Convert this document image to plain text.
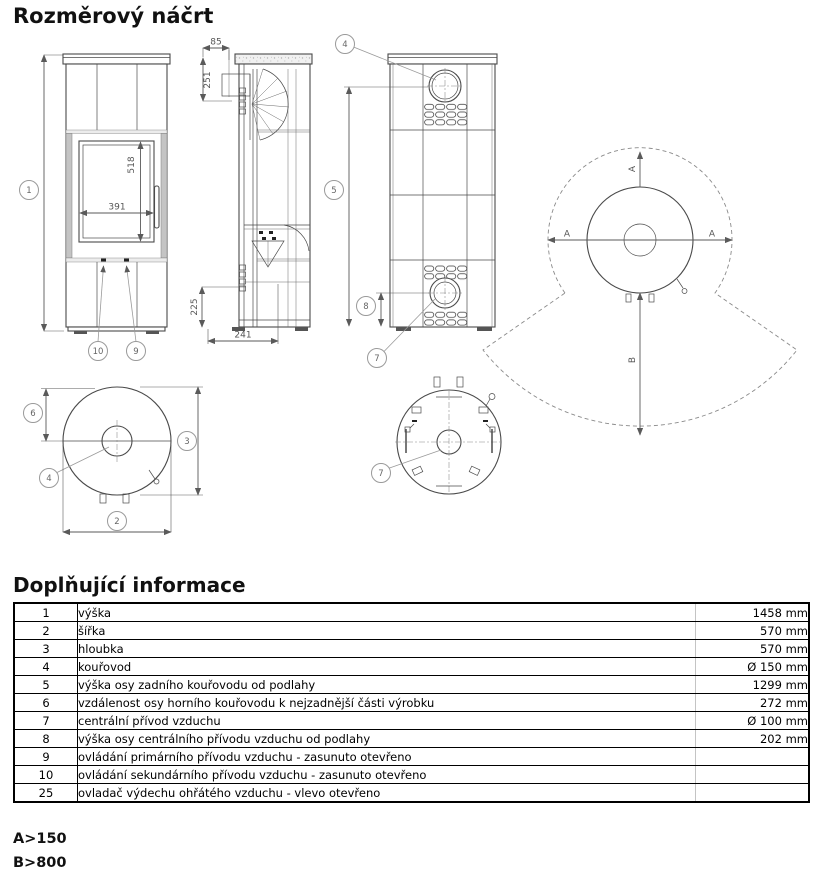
Rozměrový náčrt
518
391
1
10	9
85
251
225
241
4
5
8
7
A	A
A
B
6
3
4
2
7
Doplňující informace
1	výška	1458 mm
2	šířka	570 mm
3	hloubka	570 mm
4	kouřovod	Ø 150 mm
5	výška osy zadního kouřovodu od podlahy	1299 mm
6	vzdálenost osy horního kouřovodu k nejzadnější části výrobku	272 mm
7	centrální přívod vzduchu	Ø 100 mm
8	výška osy centrálního přívodu vzduchu od podlahy	202 mm
9	ovládání primárního přívodu vzduchu - zasunuto otevřeno	
10	ovládání sekundárního přívodu vzduchu - zasunuto otevřeno	
25	ovladač výdechu ohřátého vzduchu - vlevo otevřeno	
A>150
B>800
